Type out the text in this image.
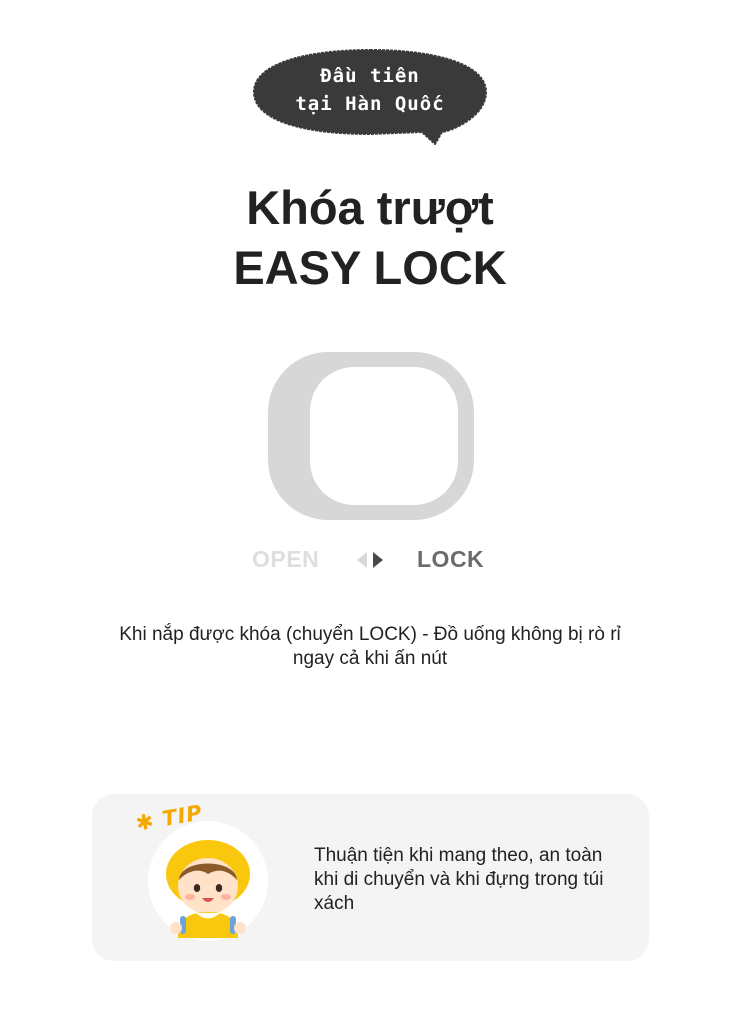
Đầu tiên
tại Hàn Quốc
Khóa trượt
EASY LOCK
OPEN	LOCK
Khi nắp được khóa (chuyển LOCK) - Đồ uống không bị rò rỉ ngay cả khi ấn nút
✱ TIP
Thuận tiện khi mang theo, an toàn khi di chuyển và khi đựng trong túi xách
